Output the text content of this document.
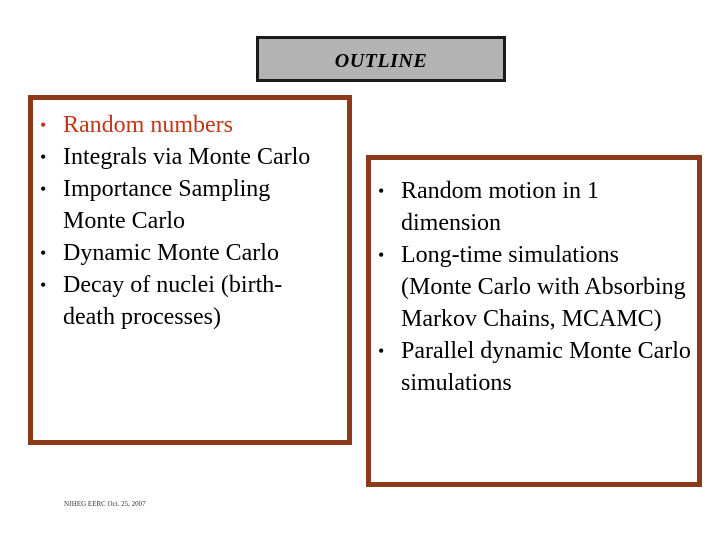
OUTLINE
• Random numbers
• Integrals via Monte Carlo
• Importance Sampling Monte Carlo
• Dynamic Monte Carlo
• Decay of nuclei (birth-death processes)
• Random motion in 1 dimension
• Long-time simulations (Monte Carlo with Absorbing Markov Chains, MCAMC)
• Parallel dynamic Monte Carlo simulations
NJHEG EERC Oct. 25, 2007
